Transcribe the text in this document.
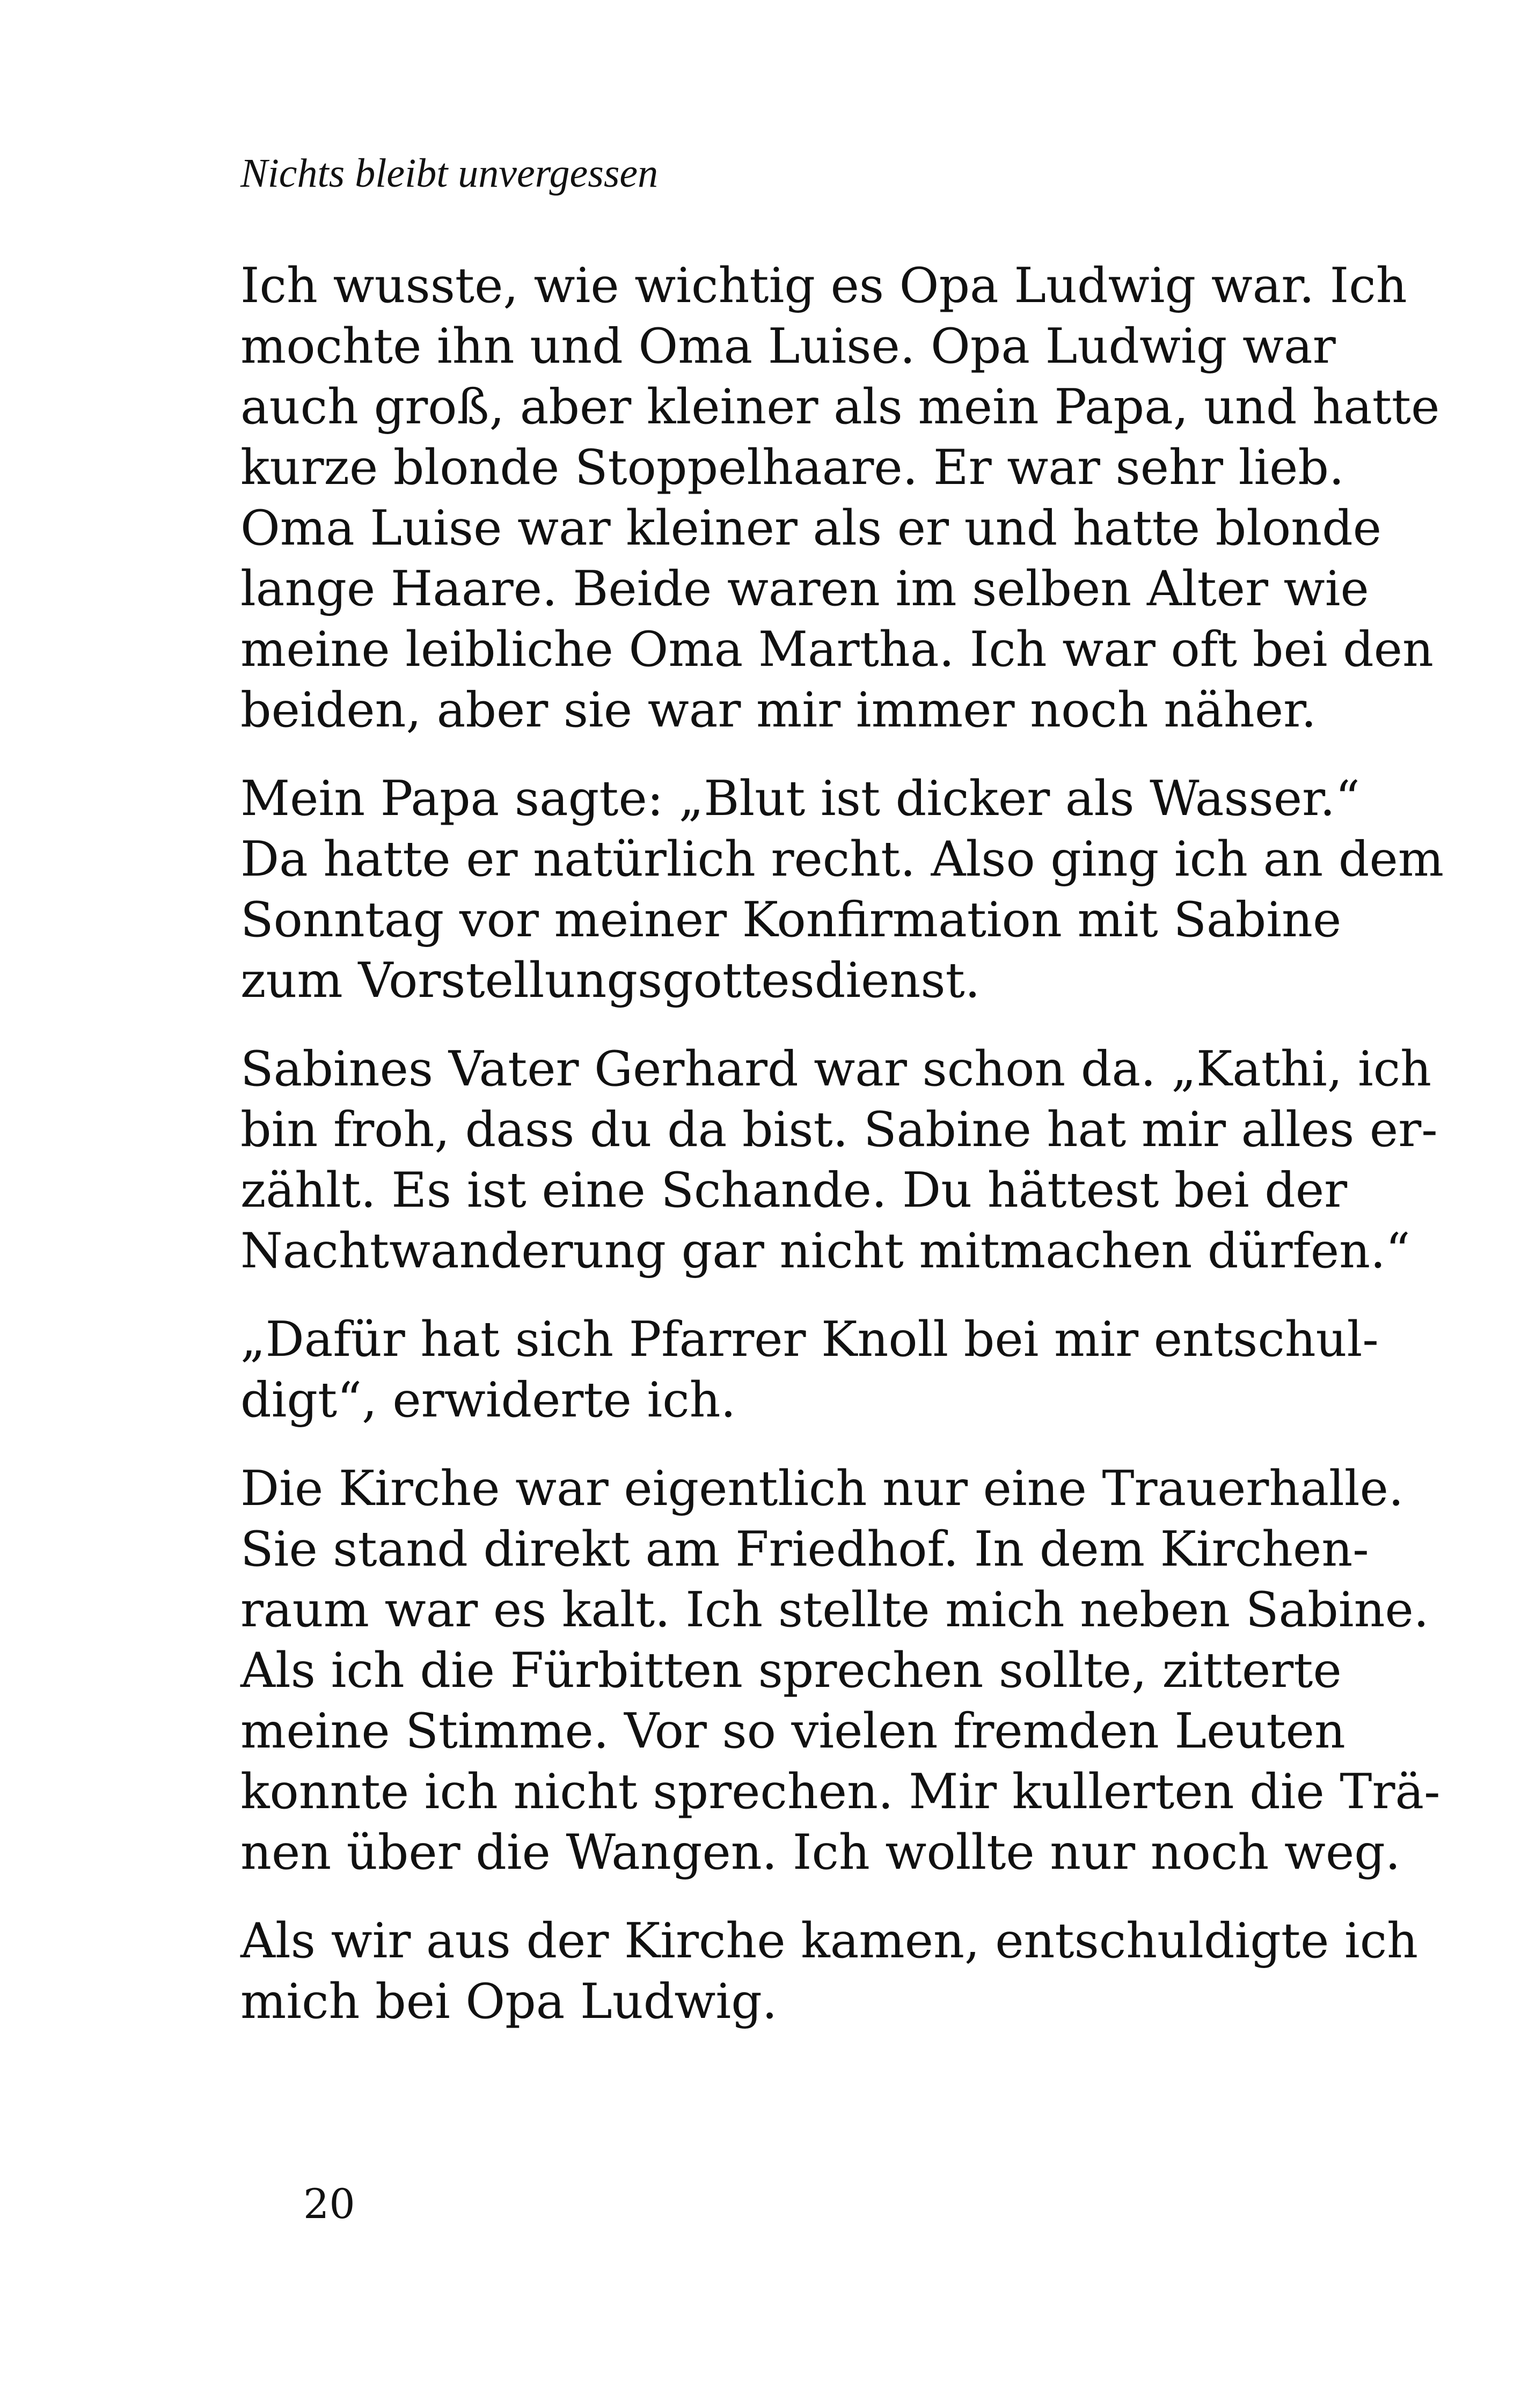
Nichts bleibt unvergessen

Ich wusste, wie wichtig es Opa Ludwig war. Ich
mochte ihn und Oma Luise. Opa Ludwig war
auch groß, aber kleiner als mein Papa, und hatte
kurze blonde Stoppelhaare. Er war sehr lieb.
Oma Luise war kleiner als er und hatte blonde
lange Haare. Beide waren im selben Alter wie
meine leibliche Oma Martha. Ich war oft bei den
beiden, aber sie war mir immer noch näher.

Mein Papa sagte: „Blut ist dicker als Wasser.“
Da hatte er natürlich recht. Also ging ich an dem
Sonntag vor meiner Konfirmation mit Sabine
zum Vorstellungsgottesdienst.

Sabines Vater Gerhard war schon da. „Kathi, ich
bin froh, dass du da bist. Sabine hat mir alles er-
zählt. Es ist eine Schande. Du hättest bei der
Nachtwanderung gar nicht mitmachen dürfen.“

„Dafür hat sich Pfarrer Knoll bei mir entschul-
digt“, erwiderte ich.

Die Kirche war eigentlich nur eine Trauerhalle.
Sie stand direkt am Friedhof. In dem Kirchen-
raum war es kalt. Ich stellte mich neben Sabine.
Als ich die Fürbitten sprechen sollte, zitterte
meine Stimme. Vor so vielen fremden Leuten
konnte ich nicht sprechen. Mir kullerten die Trä-
nen über die Wangen. Ich wollte nur noch weg.

Als wir aus der Kirche kamen, entschuldigte ich
mich bei Opa Ludwig.

20
